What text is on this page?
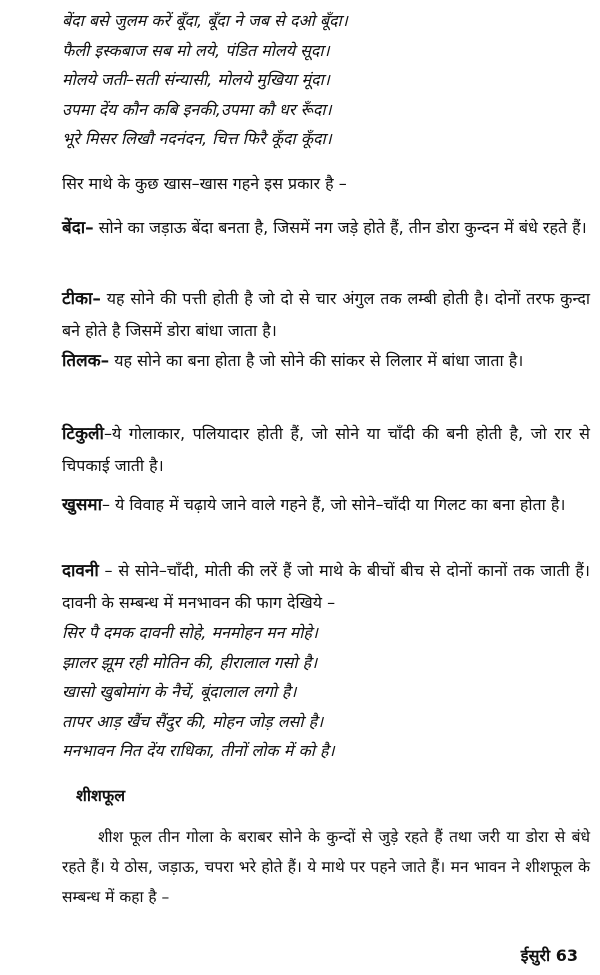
बेंदा बसे जुलम करें बूँदा, बूँदा ने जब से दओ बूँदा।
फैली इस्कबाज सब मो लये, पंडित मोलये सूदा।
मोलये जती–सती संन्यासी, मोलये मुखिया मूंदा।
उपमा देंय कौन कबि इनकी,उपमा कौ धर रूँदा।
भूरे मिसर लिखौ नदनंदन, चित्त फिरै कूँदा कूँदा।
सिर माथे के कुछ खास–खास गहने इस प्रकार है –
बेंदा– सोने का जड़ाऊ बेंदा बनता है, जिसमें नग जड़े होते हैं, तीन डोरा कुन्दन में बंधे रहते हैं।
टीका– यह सोने की पत्ती होती है जो दो से चार अंगुल तक लम्बी होती है। दोनों तरफ कुन्दा बने होते है जिसमें डोरा बांधा जाता है।
तिलक– यह सोने का बना होता है जो सोने की सांकर से लिलार में बांधा जाता है।
टिकुली–ये गोलाकार, पलियादार होती हैं, जो सोने या चाँदी की बनी होती है, जो रार से चिपकाई जाती है।
खुसमा– ये विवाह में चढ़ाये जाने वाले गहने हैं, जो सोने–चाँदी या गिलट का बना होता है।
दावनी – से सोने–चाँदी, मोती की लरें हैं जो माथे के बीचों बीच से दोनों कानों तक जाती हैं। दावनी के सम्बन्ध में मनभावन की फाग देखिये –
सिर पै दमक दावनी सोहे, मनमोहन मन मोहे।
झालर झूम रही मोतिन की, हीरालाल गसो है।
खासो खुबोमांग के नैचें, बूंदालाल लगो है।
तापर आड़ खैंच सैंदुर की, मोहन जोड़ लसो है।
मनभावन नित देंय राधिका, तीनों लोक में को है।
शीशफूल
शीश फूल तीन गोला के बराबर सोने के कुन्दों से जुड़े रहते हैं तथा जरी या डोरा से बंधे रहते हैं। ये ठोस, जड़ाऊ, चपरा भरे होते हैं। ये माथे पर पहने जाते हैं। मन भावन ने शीशफूल के सम्बन्ध में कहा है –
ईसुरी 63
